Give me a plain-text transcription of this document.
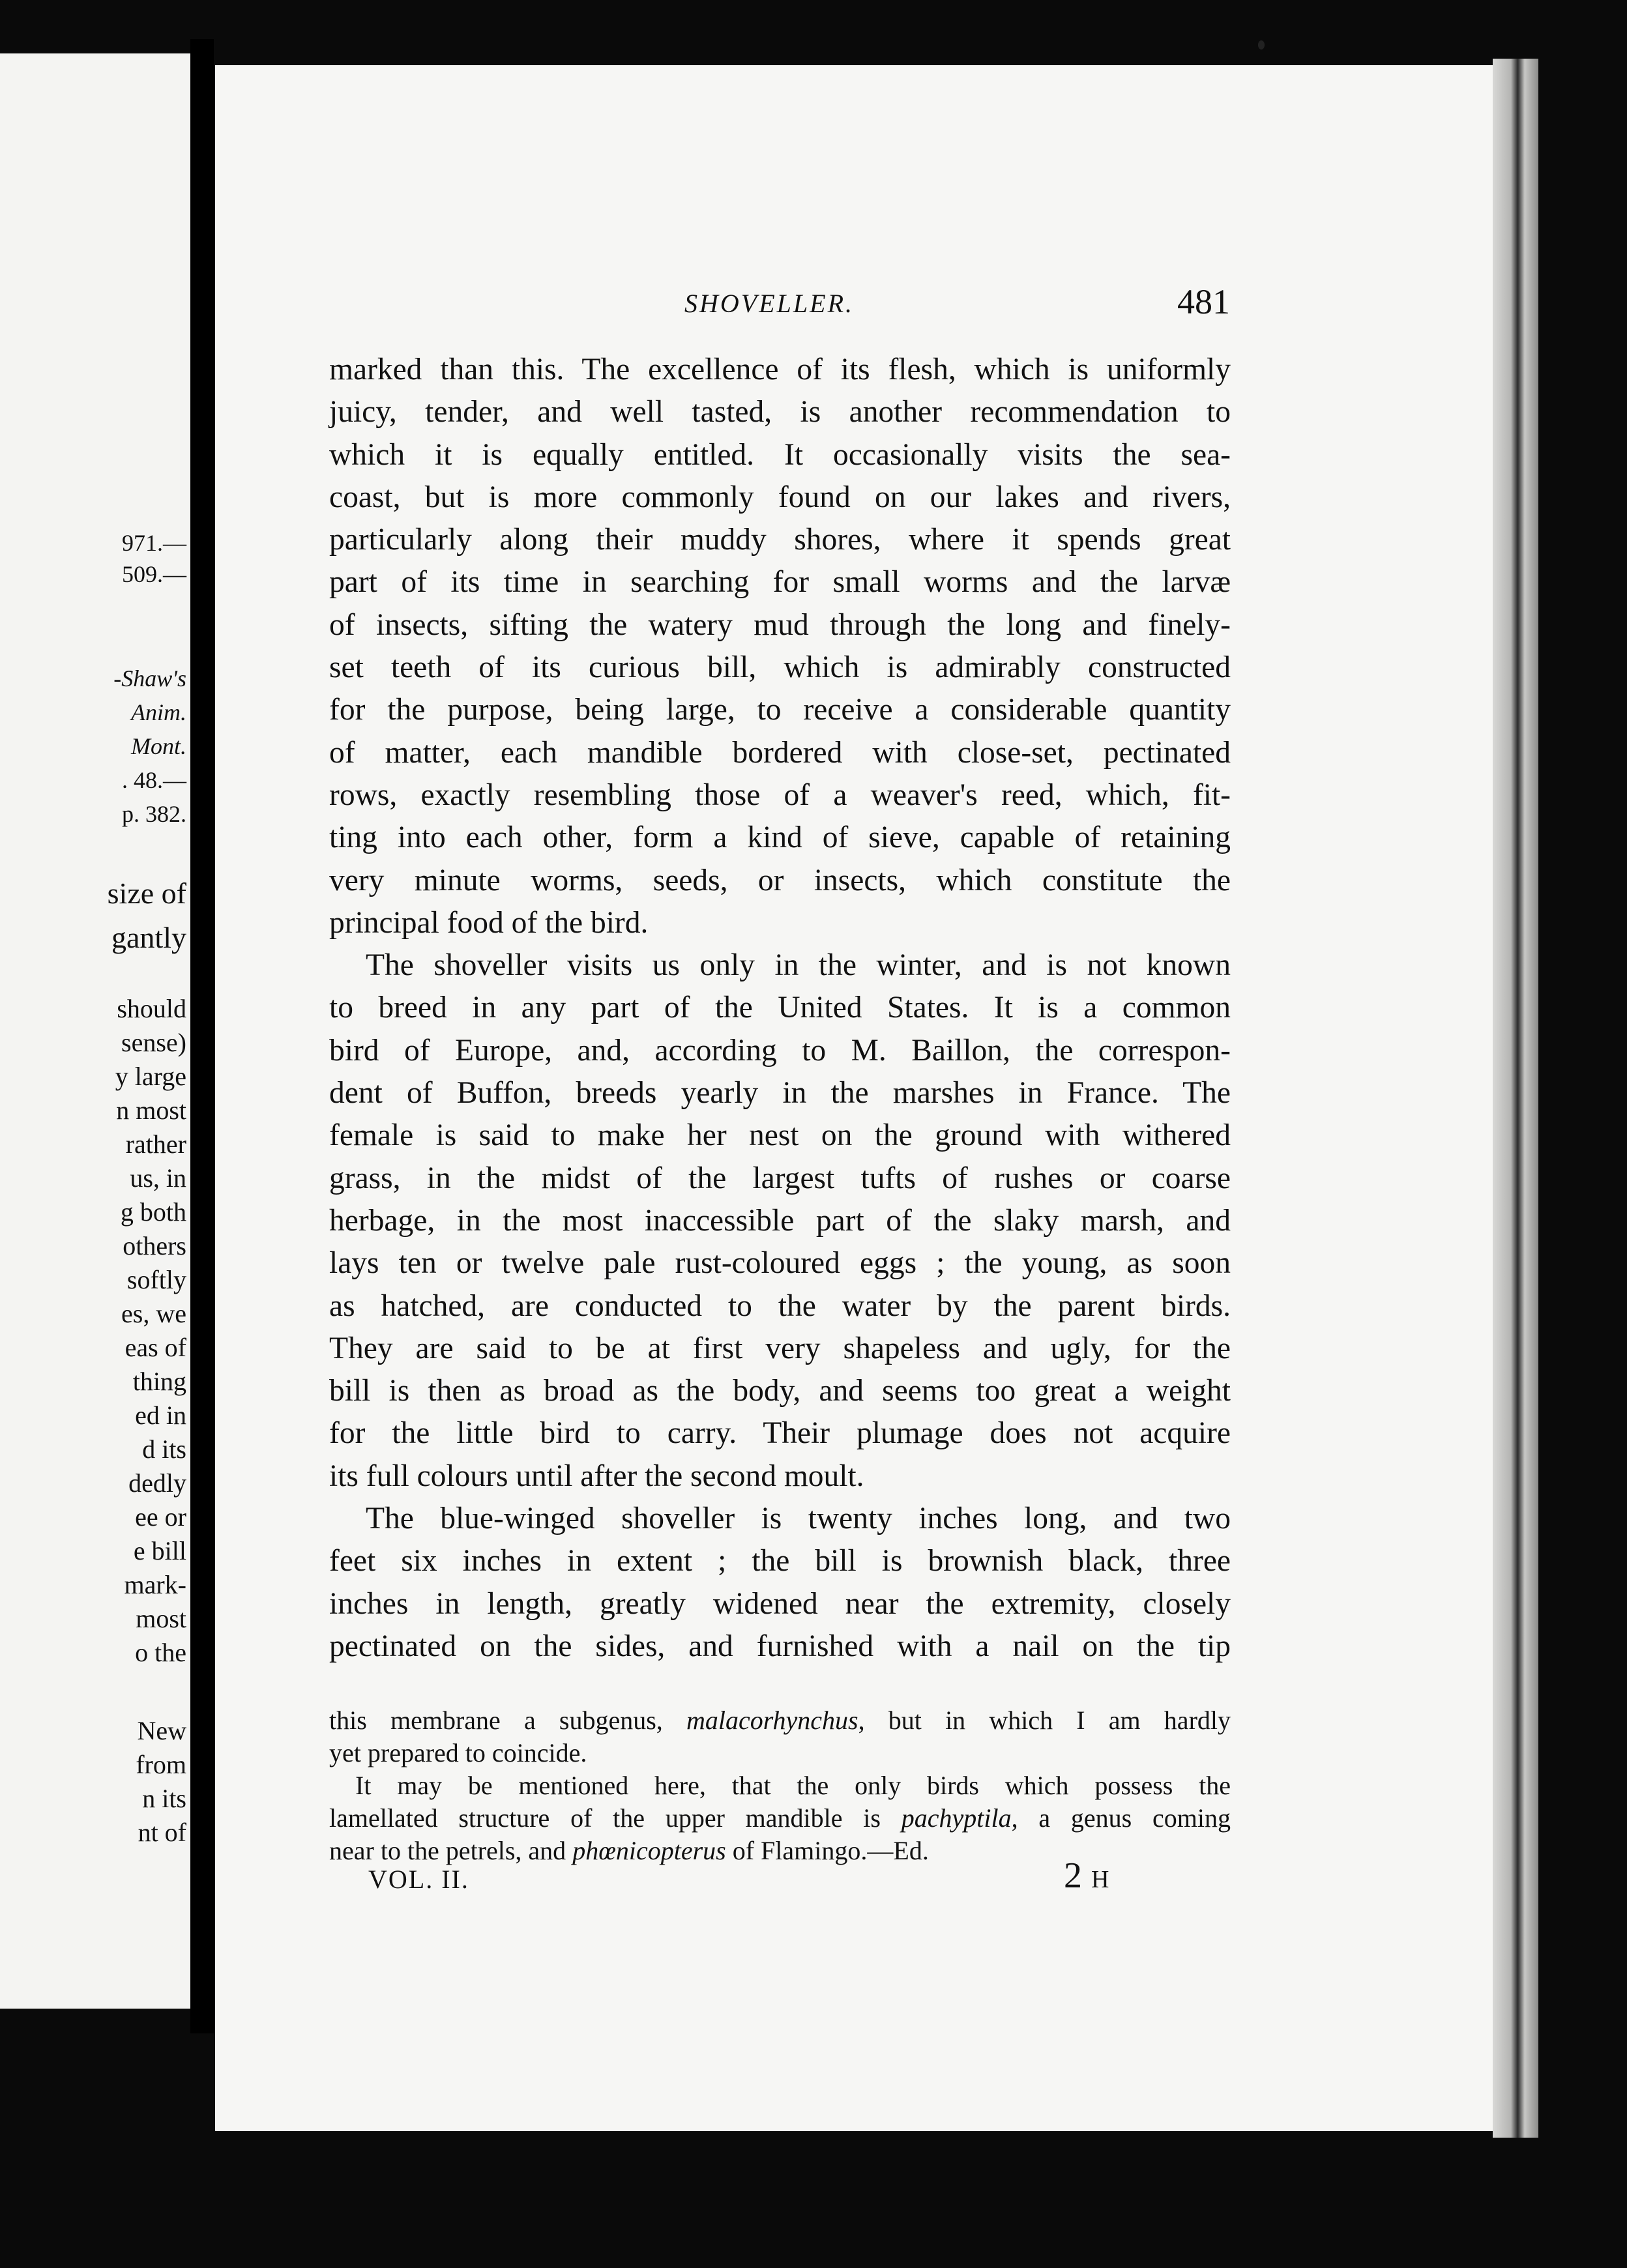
971.—
509.—
-Shaw's
Anim.
Mont.
. 48.—
p. 382.
size of
gantly
should
sense)
y large
n most
rather
us, in
g both
others
softly
es, we
eas of
thing
ed in
d its
dedly
ee or
e bill
mark-
most
o the
New
from
n its
nt of
SHOVELLER.	481
marked than this. The excellence of its flesh, which is uniformly
juicy, tender, and well tasted, is another recommendation to
which it is equally entitled. It occasionally visits the sea-
coast, but is more commonly found on our lakes and rivers,
particularly along their muddy shores, where it spends great
part of its time in searching for small worms and the larvæ
of insects, sifting the watery mud through the long and finely-
set teeth of its curious bill, which is admirably constructed
for the purpose, being large, to receive a considerable quantity
of matter, each mandible bordered with close-set, pectinated
rows, exactly resembling those of a weaver's reed, which, fit-
ting into each other, form a kind of sieve, capable of retaining
very minute worms, seeds, or insects, which constitute the
principal food of the bird.
The shoveller visits us only in the winter, and is not known
to breed in any part of the United States. It is a common
bird of Europe, and, according to M. Baillon, the correspon-
dent of Buffon, breeds yearly in the marshes in France. The
female is said to make her nest on the ground with withered
grass, in the midst of the largest tufts of rushes or coarse
herbage, in the most inaccessible part of the slaky marsh, and
lays ten or twelve pale rust-coloured eggs ; the young, as soon
as hatched, are conducted to the water by the parent birds.
They are said to be at first very shapeless and ugly, for the
bill is then as broad as the body, and seems too great a weight
for the little bird to carry. Their plumage does not acquire
its full colours until after the second moult.
The blue-winged shoveller is twenty inches long, and two
feet six inches in extent ; the bill is brownish black, three
inches in length, greatly widened near the extremity, closely
pectinated on the sides, and furnished with a nail on the tip
this membrane a subgenus, malacorhynchus, but in which I am hardly
yet prepared to coincide.
It may be mentioned here, that the only birds which possess the
lamellated structure of the upper mandible is pachyptila, a genus coming
near to the petrels, and phœnicopterus of Flamingo.—Ed.
VOL. II.	2 H
